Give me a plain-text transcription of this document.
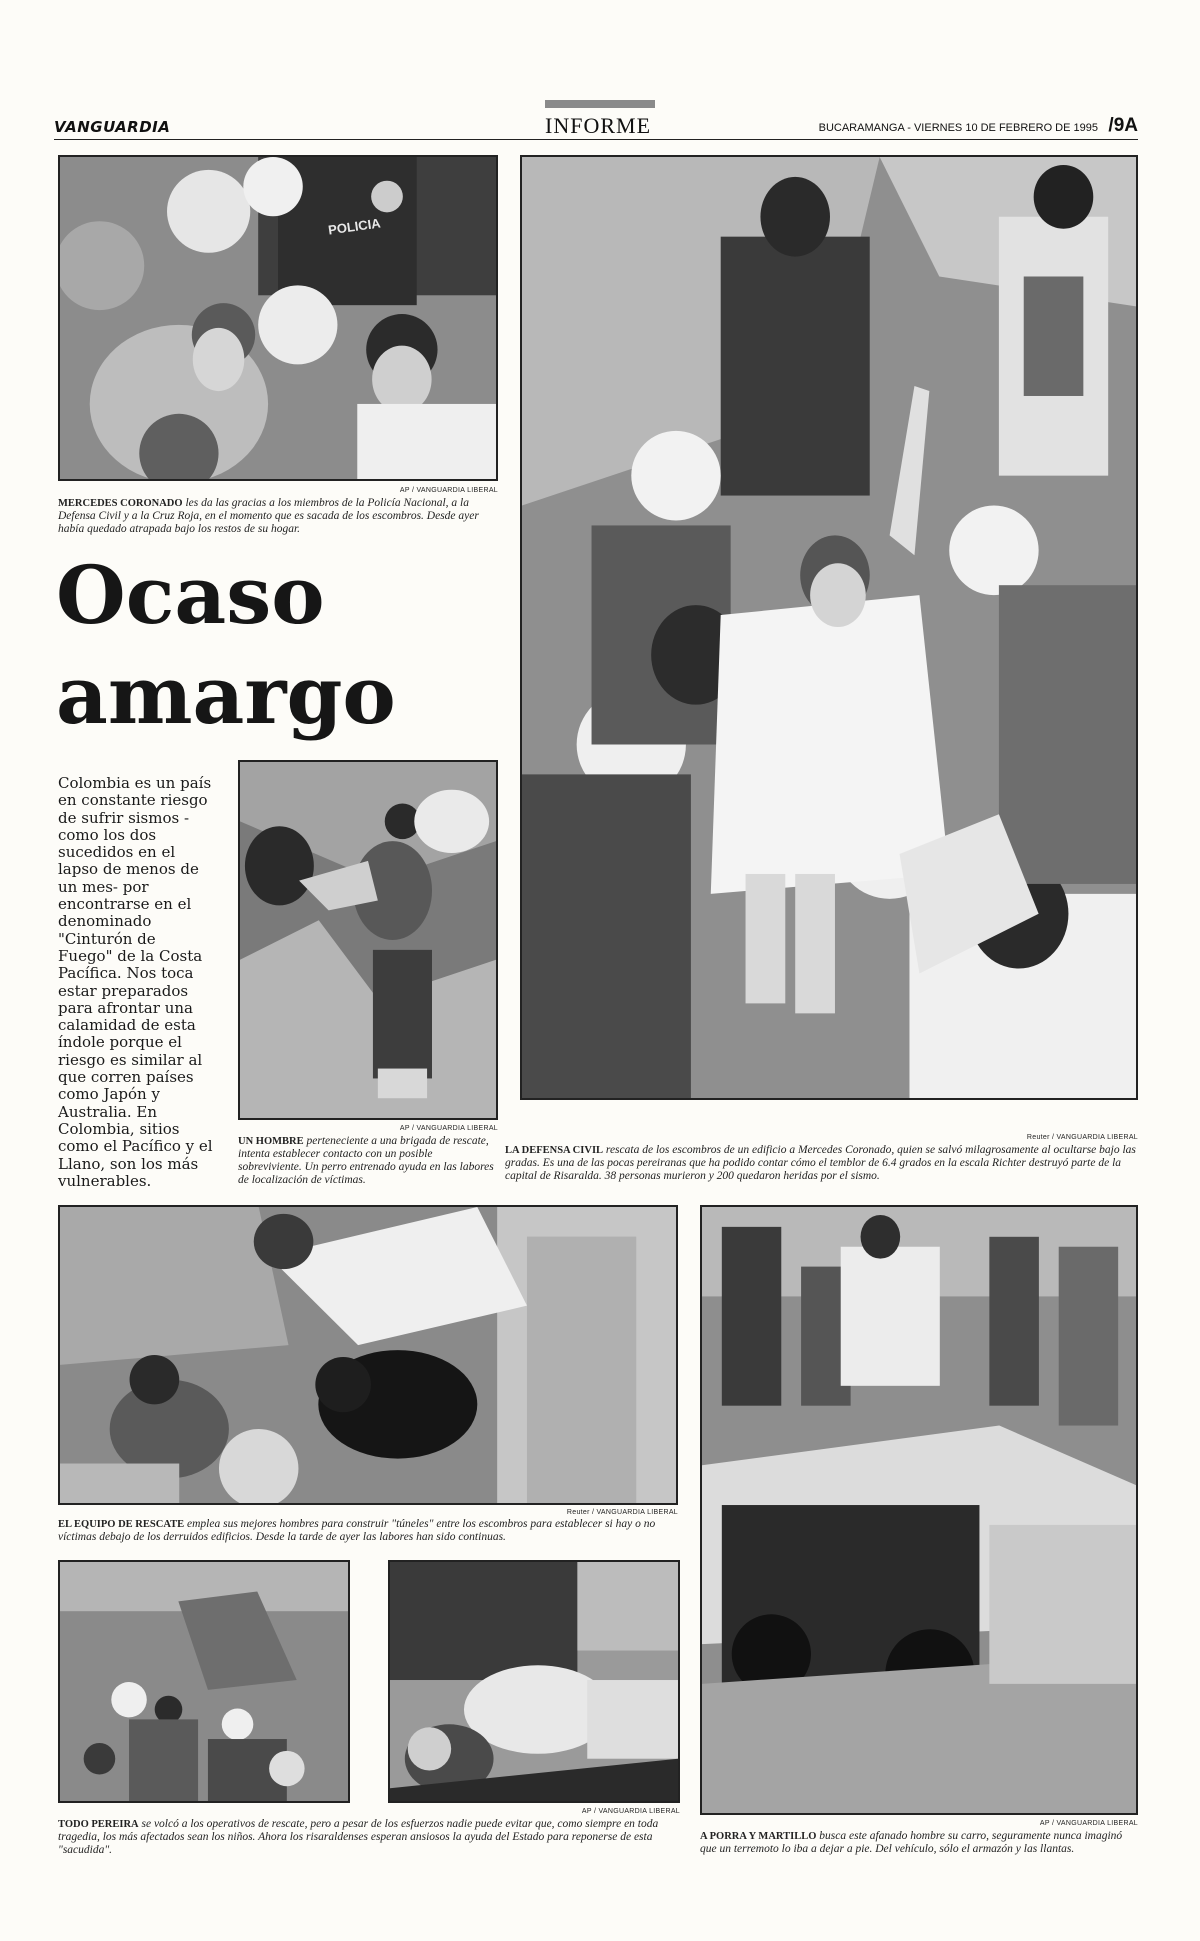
VANGUARDIA	INFORME	BUCARAMANGA - VIERNES 10 DE FEBRERO DE 1995 /9A
POLICIA
AP / VANGUARDIA LIBERAL
MERCEDES CORONADO les da las gracias a los miembros de la Policía Nacional, a la Defensa Civil y a la Cruz Roja, en el momento que es sacada de los escombros. Desde ayer había quedado atrapada bajo los restos de su hogar.
Ocaso
amargo
Colombia es un país en constante riesgo de sufrir sismos -como los dos sucedidos en el lapso de menos de un mes- por encontrarse en el denominado "Cinturón de Fuego" de la Costa Pacífica. Nos toca estar preparados para afrontar una calamidad de esta índole porque el riesgo es similar al que corren países como Japón y Australia. En Colombia, sitios como el Pacífico y el Llano, son los más vulnerables.
AP / VANGUARDIA LIBERAL
UN HOMBRE perteneciente a una brigada de rescate, intenta establecer contacto con un posible sobreviviente. Un perro entrenado ayuda en las labores de localización de víctimas.
Reuter / VANGUARDIA LIBERAL
LA DEFENSA CIVIL rescata de los escombros de un edificio a Mercedes Coronado, quien se salvó milagrosamente al ocultarse bajo las gradas. Es una de las pocas pereiranas que ha podido contar cómo el temblor de 6.4 grados en la escala Richter destruyó parte de la capital de Risaralda. 38 personas murieron y 200 quedaron heridas por el sismo.
Reuter / VANGUARDIA LIBERAL
EL EQUIPO DE RESCATE emplea sus mejores hombres para construir "túneles" entre los escombros para establecer si hay o no víctimas debajo de los derruidos edificios. Desde la tarde de ayer las labores han sido continuas.
AP / VANGUARDIA LIBERAL
A PORRA Y MARTILLO busca este afanado hombre su carro, seguramente nunca imaginó que un terremoto lo iba a dejar a pie. Del vehículo, sólo el armazón y las llantas.
AP / VANGUARDIA LIBERAL
TODO PEREIRA se volcó a los operativos de rescate, pero a pesar de los esfuerzos nadie puede evitar que, como siempre en toda tragedia, los más afectados sean los niños. Ahora los risaraldenses esperan ansiosos la ayuda del Estado para reponerse de esta "sacudida".
